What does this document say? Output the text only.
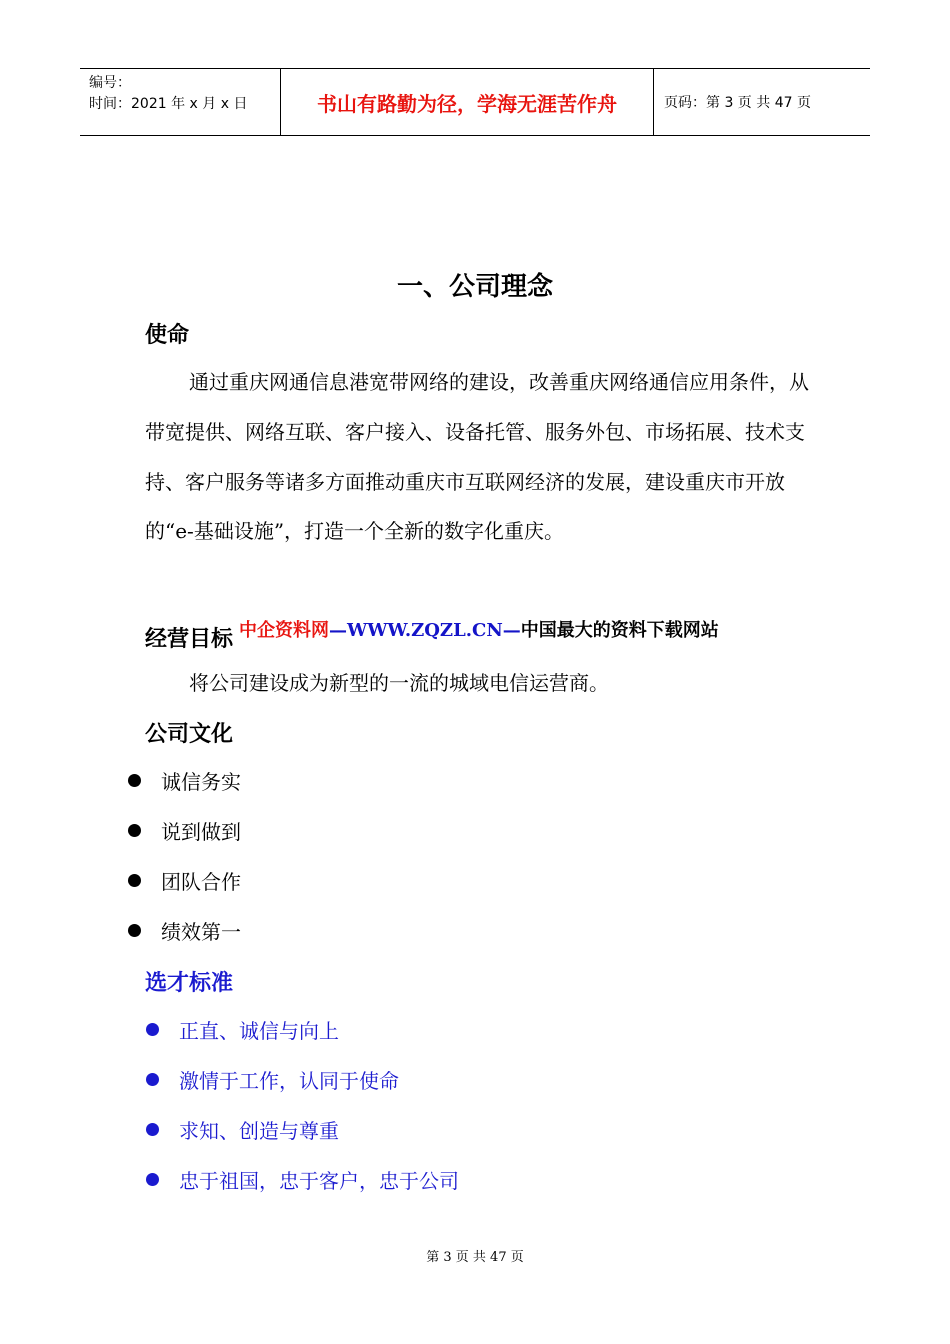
编号：
时间：2021 年 x 月 x 日	书山有路勤为径，学海无涯苦作舟	页码：第 3 页 共 47 页
一、公司理念
使命
通过重庆网通信息港宽带网络的建设，改善重庆网络通信应用条件，从带宽提供、网络互联、客户接入、设备托管、服务外包、市场拓展、技术支持、客户服务等诸多方面推动重庆市互联网经济的发展，建设重庆市开放的“e-基础设施”，打造一个全新的数字化重庆。
经营目标 中企资料网—WWW.ZQZL.CN—中国最大的资料下载网站
将公司建设成为新型的一流的城域电信运营商。
公司文化
诚信务实
说到做到
团队合作
绩效第一
选才标准
正直、诚信与向上
激情于工作，认同于使命
求知、创造与尊重
忠于祖国，忠于客户，忠于公司
第 3 页 共 47 页
